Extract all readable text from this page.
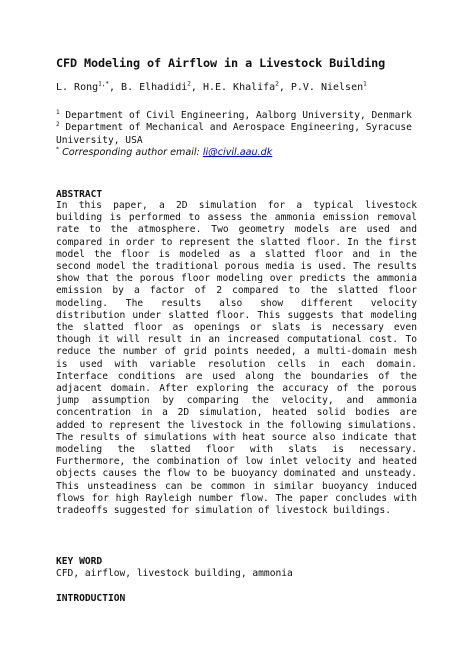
CFD Modeling of Airflow in a Livestock Building
L. Rong$^{1,*}$, B. Elhadidi$^2$, H.E. Khalifa$^2$, P.V. Nielsen$^1$
$^1$ Department of Civil Engineering, Aalborg University, Denmark
$^2$ Department of Mechanical and Aerospace Engineering, Syracuse
University, USA
* Corresponding author email: li@civil.aau.dk
ABSTRACT

In this paper, a 2D simulation for a typical livestock building is performed to assess the ammonia emission removal rate to the atmosphere. Two geometry models are used and compared in order to represent the slatted floor. In the first model the floor is modeled as a slatted floor and in the second model the traditional porous media is used. The results show that the porous floor modeling over predicts the ammonia emission by a factor of 2 compared to the slatted floor modeling. The results also show different velocity distribution under slatted floor. This suggests that modeling the slatted floor as openings or slats is necessary even though it will result in an increased computational cost. To reduce the number of grid points needed, a multi-domain mesh is used with variable resolution cells in each domain. Interface conditions are used along the boundaries of the adjacent domain. After exploring the accuracy of the porous jump assumption by comparing the velocity, and ammonia concentration in a 2D simulation, heated solid bodies are added to represent the livestock in the following simulations. The results of simulations with heat source also indicate that modeling the slatted floor with slats is necessary. Furthermore, the combination of low inlet velocity and heated objects causes the flow to be buoyancy dominated and unsteady. This unsteadiness can be common in similar buoyancy induced flows for high Rayleigh number flow. The paper concludes with tradeoffs suggested for simulation of livestock buildings.

KEY WORD
CFD, airflow, livestock building, ammonia
INTRODUCTION
